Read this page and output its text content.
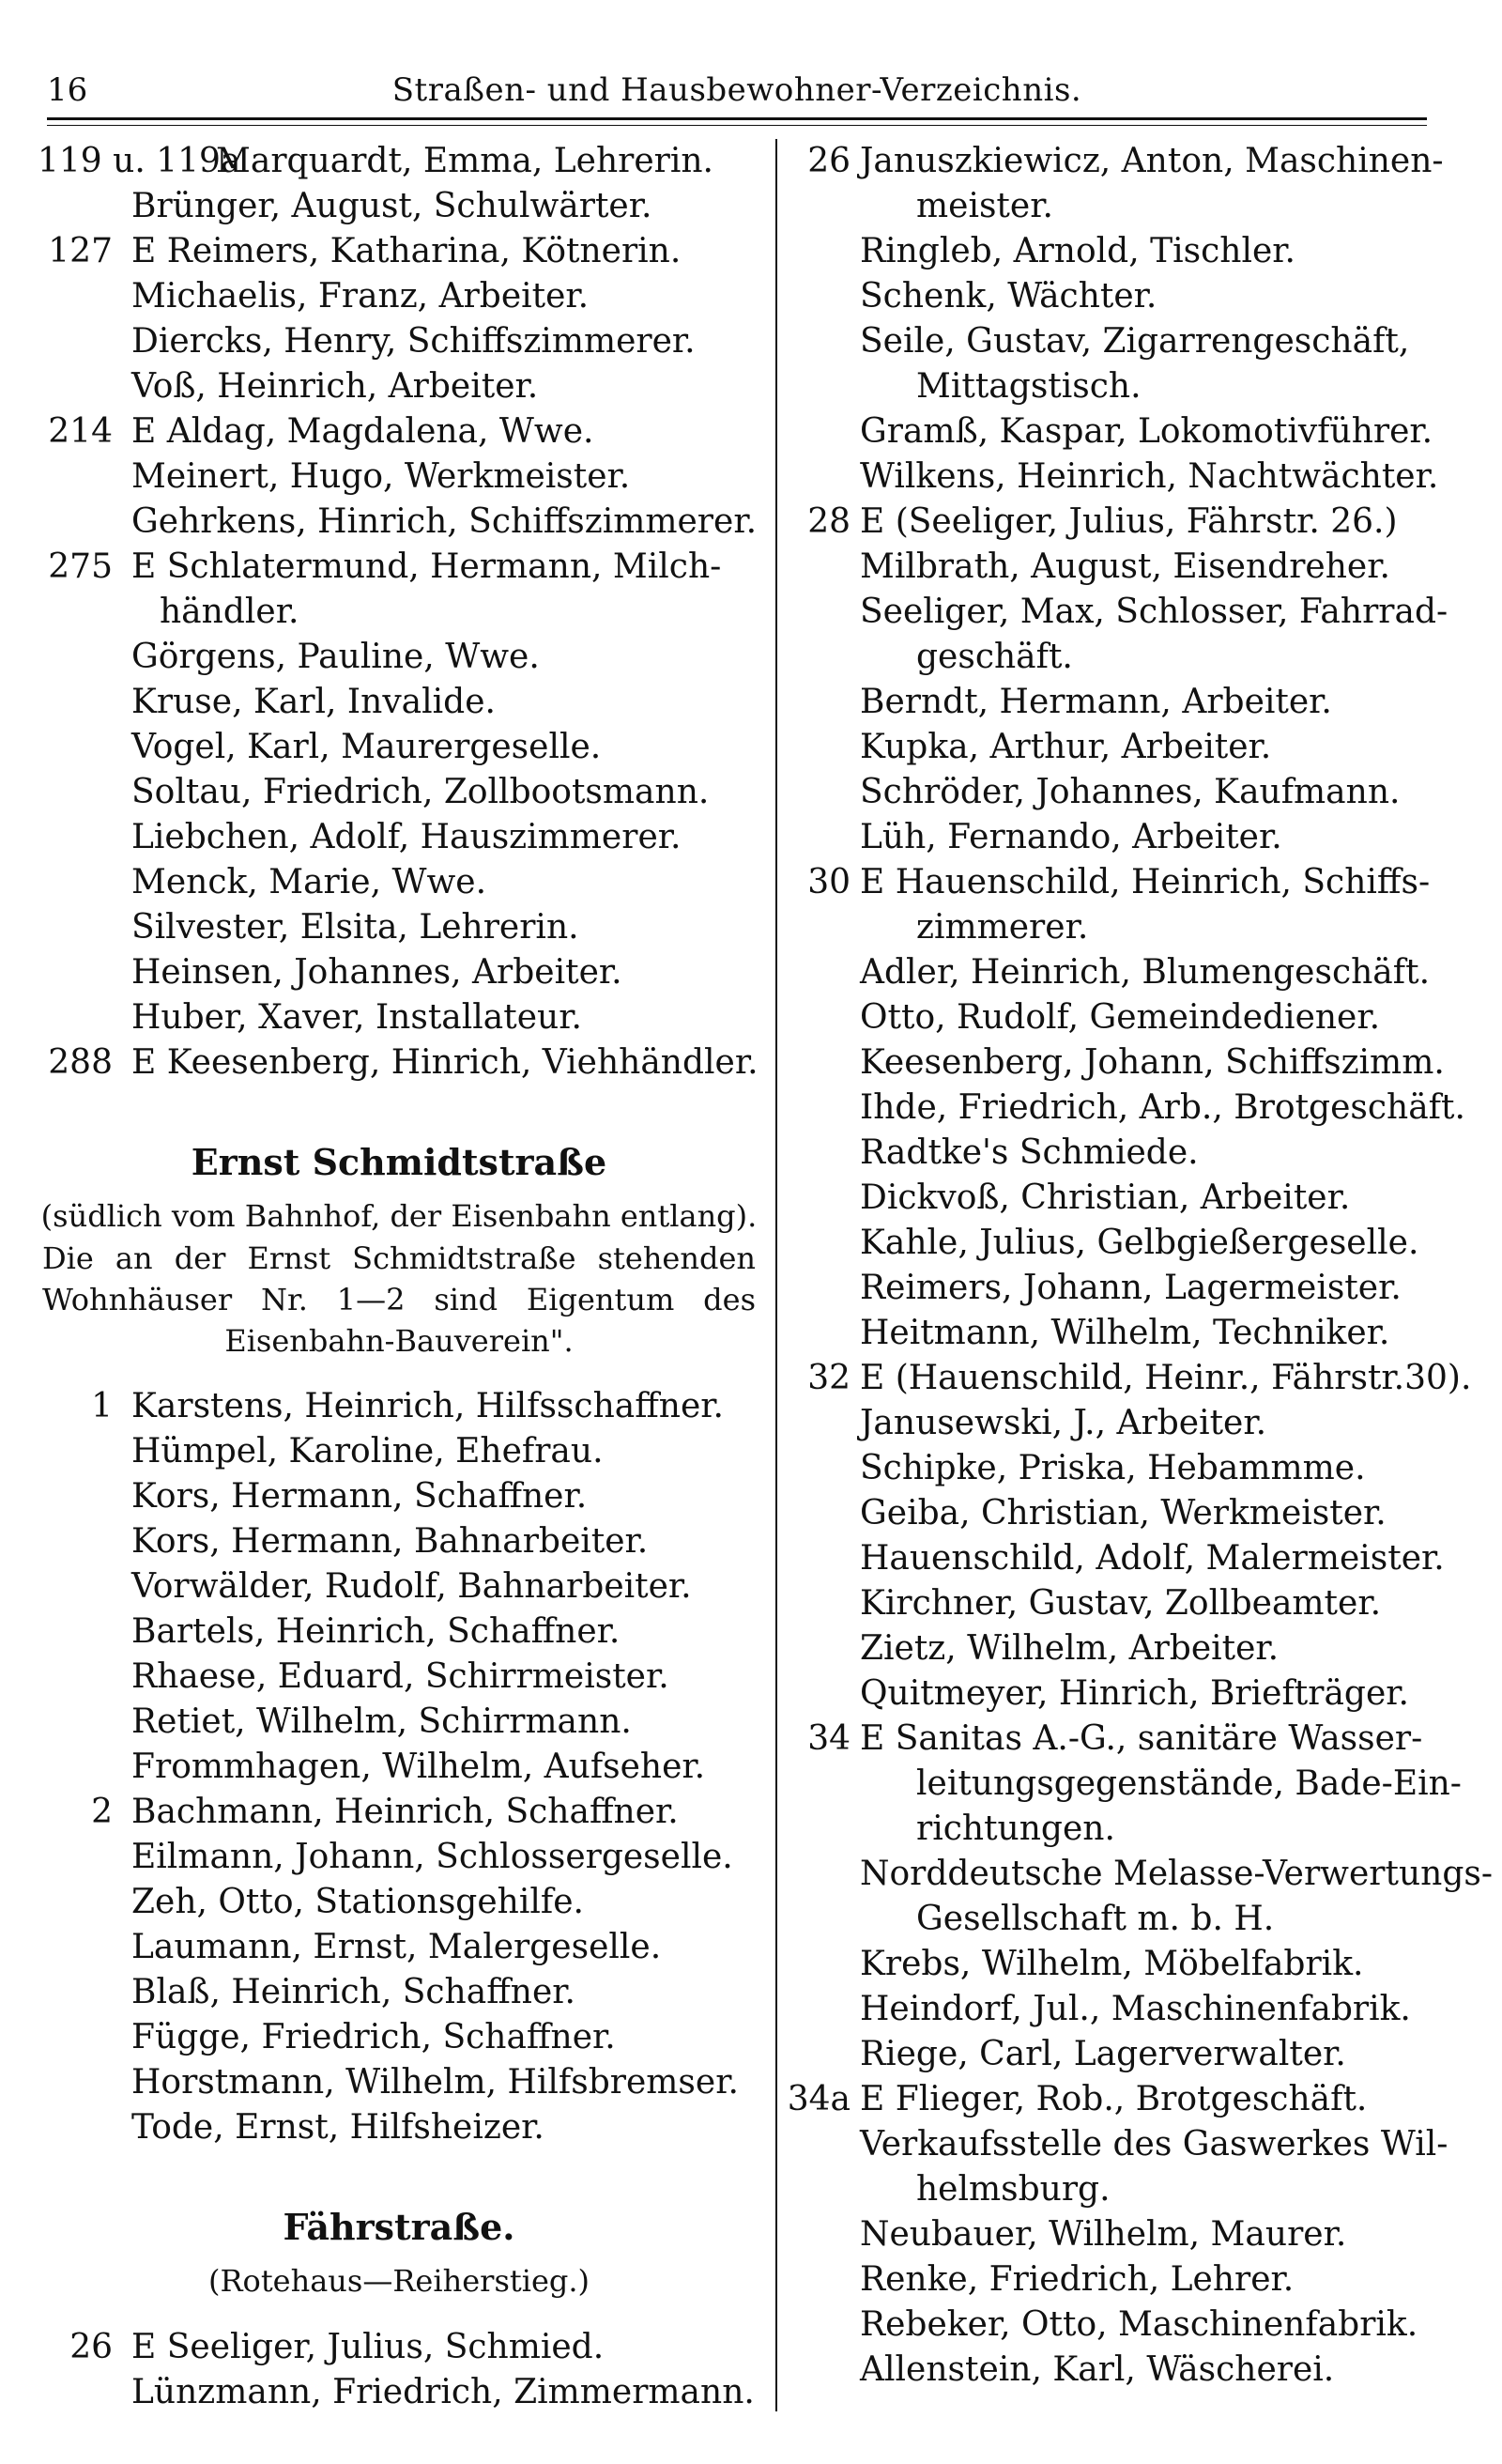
16	Straßen- und Hausbewohner-Verzeichnis.
119 u. 119a
Marquardt, Emma, Lehrerin.
Brünger, August, Schulwärter.
127 E Reimers, Katharina, Kötnerin.
Michaelis, Franz, Arbeiter.
Diercks, Henry, Schiffszimmerer.
Voß, Heinrich, Arbeiter.
214 E Aldag, Magdalena, Wwe.
Meinert, Hugo, Werkmeister.
Gehrkens, Hinrich, Schiffszimmerer.
275 E Schlatermund, Hermann, Milch-
händler.
Görgens, Pauline, Wwe.
Kruse, Karl, Invalide.
Vogel, Karl, Maurergeselle.
Soltau, Friedrich, Zollbootsmann.
Liebchen, Adolf, Hauszimmerer.
Menck, Marie, Wwe.
Silvester, Elsita, Lehrerin.
Heinsen, Johannes, Arbeiter.
Huber, Xaver, Installateur.
288 E Keesenberg, Hinrich, Viehhändler.
Ernst Schmidtstraße
(südlich vom Bahnhof, der Eisenbahn entlang).
Die an der Ernst Schmidtstraße stehenden
Wohnhäuser Nr. 1—2 sind Eigentum des
Eisenbahn-Bauverein".
1 Karstens, Heinrich, Hilfsschaffner.
Hümpel, Karoline, Ehefrau.
Kors, Hermann, Schaffner.
Kors, Hermann, Bahnarbeiter.
Vorwälder, Rudolf, Bahnarbeiter.
Bartels, Heinrich, Schaffner.
Rhaese, Eduard, Schirrmeister.
Retiet, Wilhelm, Schirrmann.
Frommhagen, Wilhelm, Aufseher.
2 Bachmann, Heinrich, Schaffner.
Eilmann, Johann, Schlossergeselle.
Zeh, Otto, Stationsgehilfe.
Laumann, Ernst, Malergeselle.
Blaß, Heinrich, Schaffner.
Függe, Friedrich, Schaffner.
Horstmann, Wilhelm, Hilfsbremser.
Tode, Ernst, Hilfsheizer.
Fährstraße.
(Rotehaus—Reiherstieg.)
26 E Seeliger, Julius, Schmied.
Lünzmann, Friedrich, Zimmermann.
26 Januszkiewicz, Anton, Maschinen-
meister.
Ringleb, Arnold, Tischler.
Schenk, Wächter.
Seile, Gustav, Zigarrengeschäft,
Mittagstisch.
Gramß, Kaspar, Lokomotivführer.
Wilkens, Heinrich, Nachtwächter.
28 E (Seeliger, Julius, Fährstr. 26.)
Milbrath, August, Eisendreher.
Seeliger, Max, Schlosser, Fahrrad-
geschäft.
Berndt, Hermann, Arbeiter.
Kupka, Arthur, Arbeiter.
Schröder, Johannes, Kaufmann.
Lüh, Fernando, Arbeiter.
30 E Hauenschild, Heinrich, Schiffs-
zimmerer.
Adler, Heinrich, Blumengeschäft.
Otto, Rudolf, Gemeindediener.
Keesenberg, Johann, Schiffszimm.
Ihde, Friedrich, Arb., Brotgeschäft.
Radtke's Schmiede.
Dickvoß, Christian, Arbeiter.
Kahle, Julius, Gelbgießergeselle.
Reimers, Johann, Lagermeister.
Heitmann, Wilhelm, Techniker.
32 E (Hauenschild, Heinr., Fährstr.30).
Janusewski, J., Arbeiter.
Schipke, Priska, Hebammme.
Geiba, Christian, Werkmeister.
Hauenschild, Adolf, Malermeister.
Kirchner, Gustav, Zollbeamter.
Zietz, Wilhelm, Arbeiter.
Quitmeyer, Hinrich, Briefträger.
34 E Sanitas A.-G., sanitäre Wasser-
leitungsgegenstände, Bade-Ein-
richtungen.
Norddeutsche Melasse-Verwertungs-
Gesellschaft m. b. H.
Krebs, Wilhelm, Möbelfabrik.
Heindorf, Jul., Maschinenfabrik.
Riege, Carl, Lagerverwalter.
34a E Flieger, Rob., Brotgeschäft.
Verkaufsstelle des Gaswerkes Wil-
helmsburg.
Neubauer, Wilhelm, Maurer.
Renke, Friedrich, Lehrer.
Rebeker, Otto, Maschinenfabrik.
Allenstein, Karl, Wäscherei.
